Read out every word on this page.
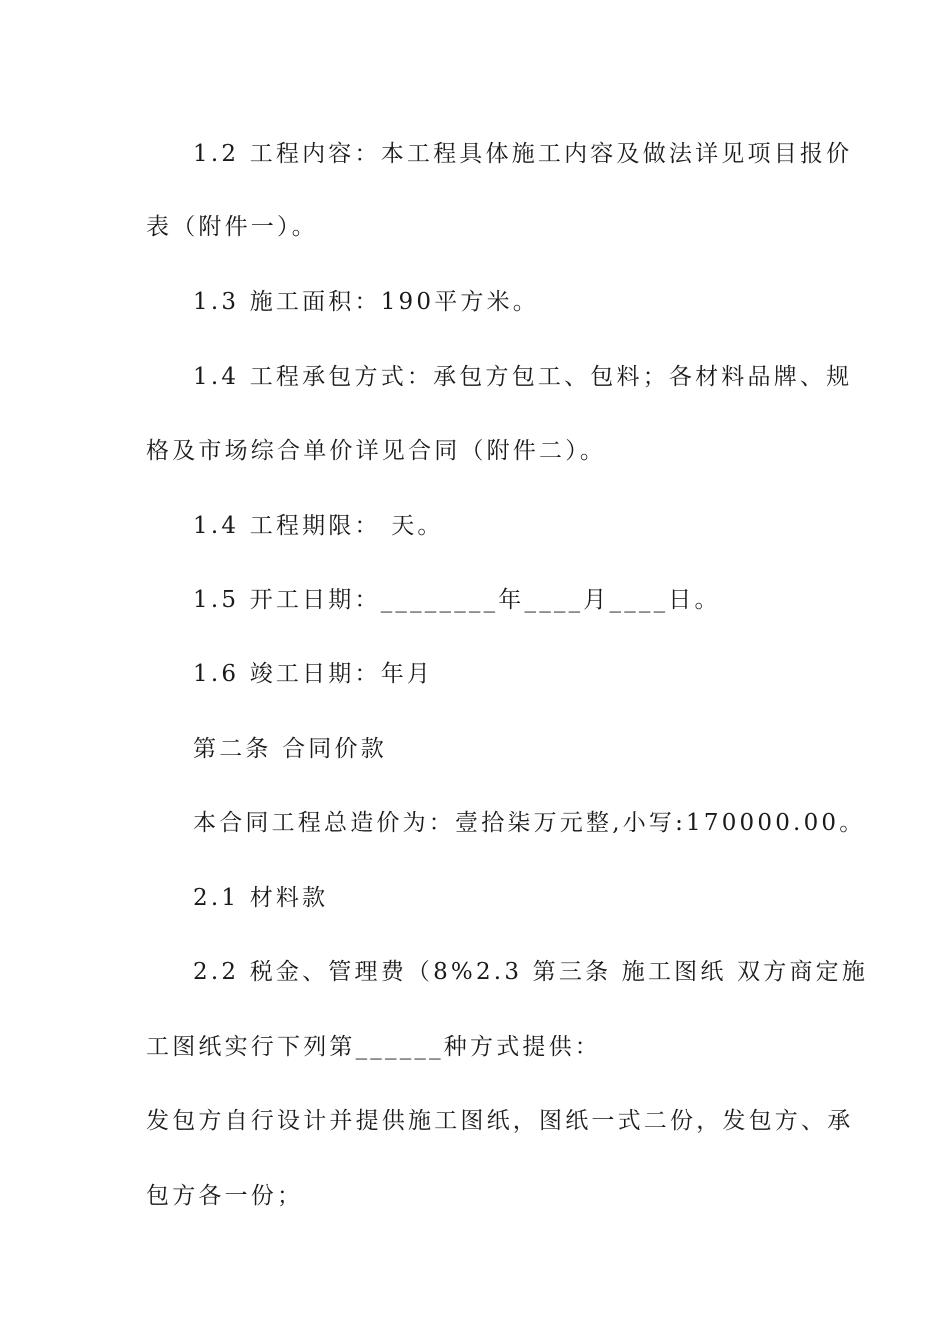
1.2 工程内容：本工程具体施工内容及做法详见项目报价
表（附件一）。
1.3 施工面积：190平方米。
1.4 工程承包方式：承包方包工、包料；各材料品牌、规
格及市场综合单价详见合同（附件二）。
1.4 工程期限： 天。
1.5 开工日期：________年____月____日。
1.6 竣工日期：年月
第二条 合同价款
本合同工程总造价为：壹拾柒万元整,小写:170000.00。
2.1 材料款
2.2 税金、管理费（8%2.3 第三条 施工图纸 双方商定施
工图纸实行下列第______种方式提供：
发包方自行设计并提供施工图纸，图纸一式二份，发包方、承
包方各一份；
